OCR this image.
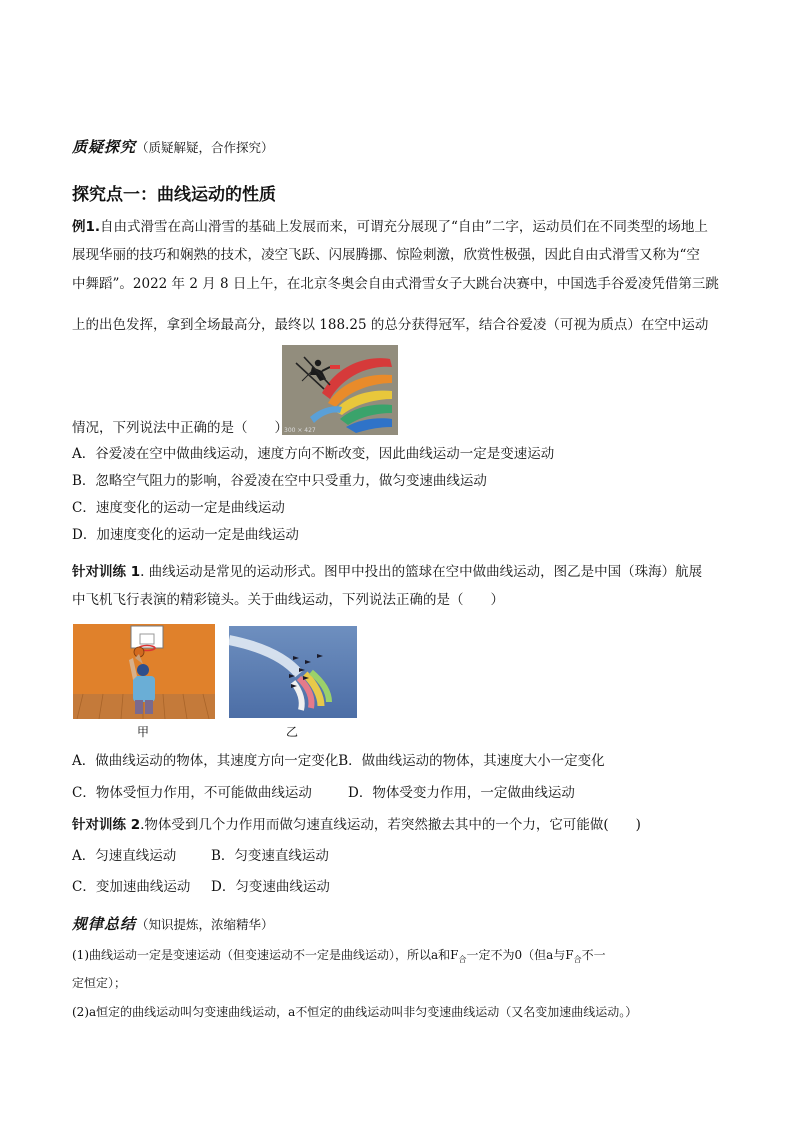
质疑探究（质疑解疑，合作探究）
探究点一：曲线运动的性质
例1.自由式滑雪在高山滑雪的基础上发展而来，可谓充分展现了“自由”二字，运动员们在不同类型的场地上
展现华丽的技巧和娴熟的技术，凌空飞跃、闪展腾挪、惊险刺激，欣赏性极强，因此自由式滑雪又称为“空
中舞蹈”。2022 年 2 月 8 日上午，在北京冬奥会自由式滑雪女子大跳台决赛中，中国选手谷爱凌凭借第三跳
上的出色发挥，拿到全场最高分，最终以 188.25 的总分获得冠军，结合谷爱凌（可视为质点）在空中运动
300 × 427
情况，下列说法中正确的是（　　）
A．谷爱凌在空中做曲线运动，速度方向不断改变，因此曲线运动一定是变速运动
B．忽略空气阻力的影响，谷爱凌在空中只受重力，做匀变速曲线运动
C．速度变化的运动一定是曲线运动
D．加速度变化的运动一定是曲线运动
针对训练 1. 曲线运动是常见的运动形式。图甲中投出的篮球在空中做曲线运动，图乙是中国（珠海）航展
中飞机飞行表演的精彩镜头。关于曲线运动，下列说法正确的是（　　）
甲	乙
A．做曲线运动的物体，其速度方向一定变化B．做曲线运动的物体，其速度大小一定变化
C．物体受恒力作用，不可能做曲线运动	D．物体受变力作用，一定做曲线运动
针对训练 2.物体受到几个力作用而做匀速直线运动，若突然撤去其中的一个力，它可能做(　　)
A．匀速直线运动	B．匀变速直线运动
C．变加速曲线运动 D．匀变速曲线运动
规律总结（知识提炼，浓缩精华）
(1)曲线运动一定是变速运动（但变速运动不一定是曲线运动），所以a和$F_合$一定不为0（但a与$F_合$不一
定恒定）；
(2)a恒定的曲线运动叫匀变速曲线运动，a不恒定的曲线运动叫非匀变速曲线运动（又名变加速曲线运动。）
